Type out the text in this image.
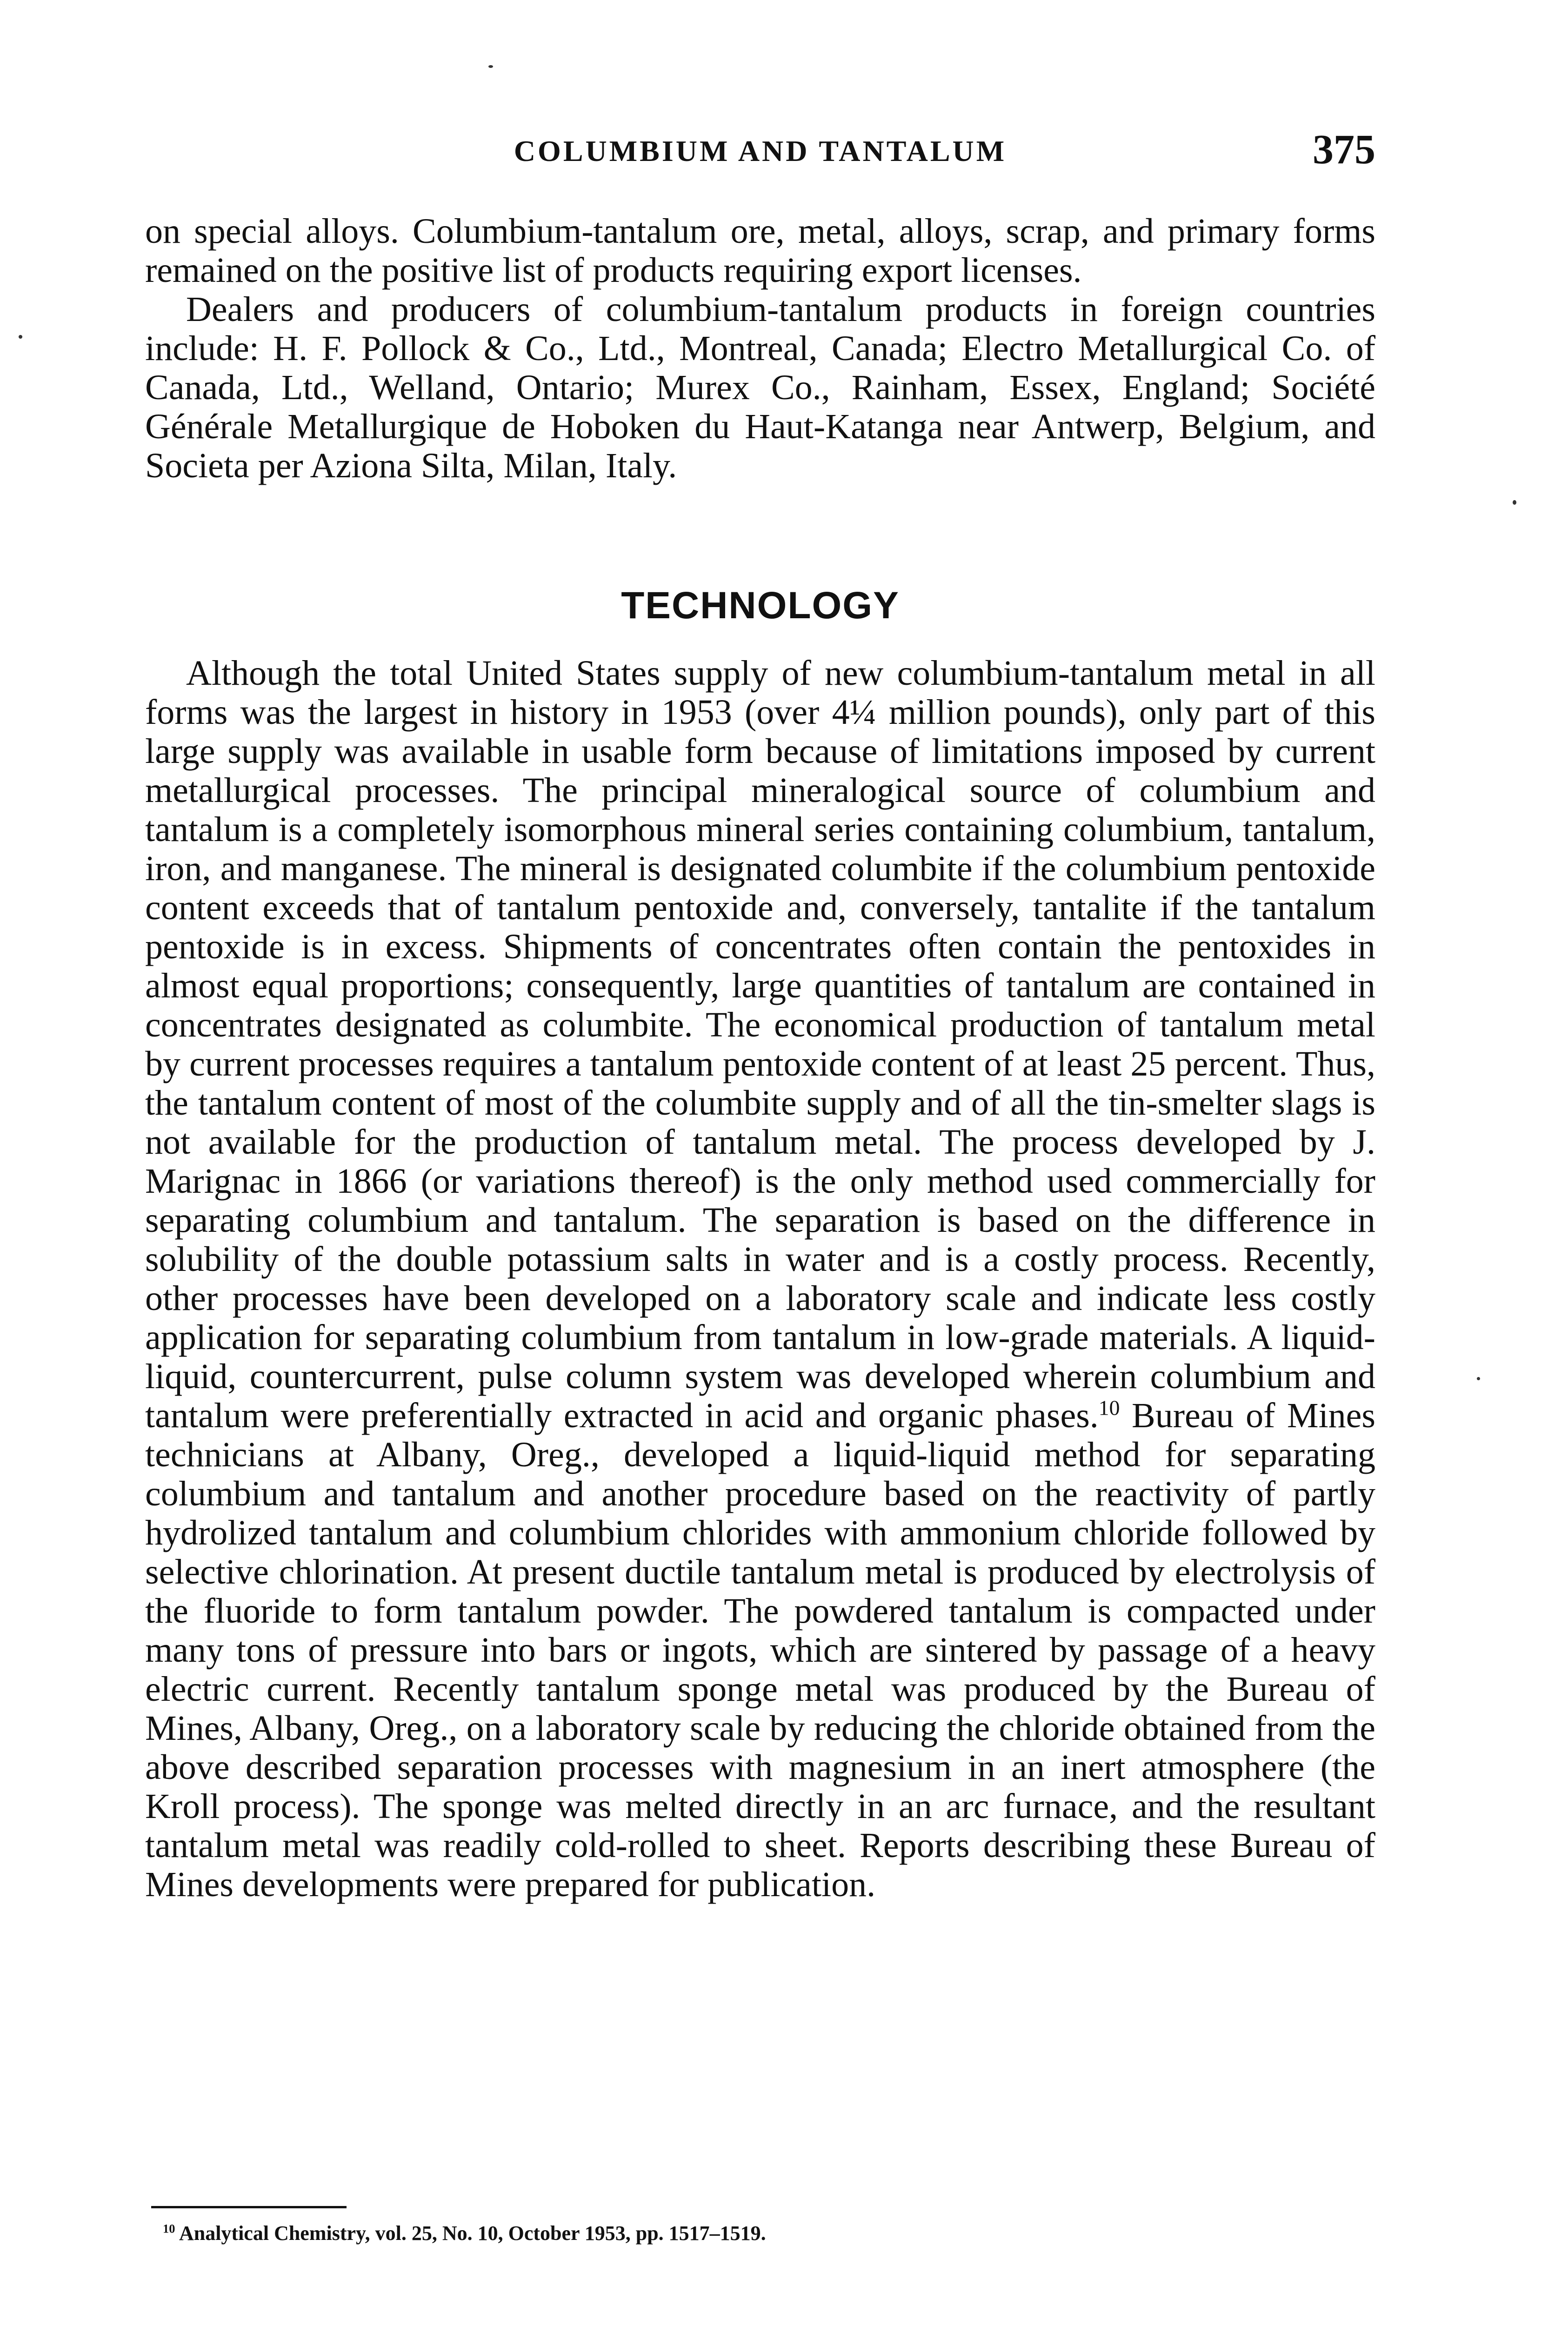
COLUMBIUM AND TANTALUM	375

on special alloys. Columbium-tantalum ore, metal, alloys, scrap, and primary forms remained on the positive list of products requiring export licenses.

Dealers and producers of columbium-tantalum products in foreign countries include: H. F. Pollock & Co., Ltd., Montreal, Canada; Electro Metallurgical Co. of Canada, Ltd., Welland, Ontario; Murex Co., Rainham, Essex, England; Société Générale Metallurgique de Hoboken du Haut-Katanga near Antwerp, Belgium, and Societa per Aziona Silta, Milan, Italy.

TECHNOLOGY

Although the total United States supply of new columbium-tantalum metal in all forms was the largest in history in 1953 (over 4¼ million pounds), only part of this large supply was available in usable form because of limitations imposed by current metallurgical processes. The principal mineralogical source of columbium and tantalum is a completely isomorphous mineral series containing columbium, tantalum, iron, and manganese. The mineral is designated columbite if the columbium pentoxide content exceeds that of tantalum pentoxide and, conversely, tantalite if the tantalum pentoxide is in excess. Shipments of concentrates often contain the pentoxides in almost equal proportions; consequently, large quantities of tantalum are contained in concentrates designated as columbite. The economical production of tantalum metal by current processes requires a tantalum pentoxide content of at least 25 percent. Thus, the tantalum content of most of the columbite supply and of all the tin-smelter slags is not available for the production of tantalum metal. The process developed by J. Marignac in 1866 (or variations thereof) is the only method used commercially for separating columbium and tantalum. The separation is based on the difference in solubility of the double potassium salts in water and is a costly process. Recently, other processes have been developed on a laboratory scale and indicate less costly application for separating columbium from tantalum in low-grade materials. A liquid-liquid, countercurrent, pulse column system was developed wherein columbium and tantalum were preferentially extracted in acid and organic phases.$^{10}$ Bureau of Mines technicians at Albany, Oreg., developed a liquid-liquid method for separating columbium and tantalum and another procedure based on the reactivity of partly hydrolized tantalum and columbium chlorides with ammonium chloride followed by selective chlorination. At present ductile tantalum metal is produced by electrolysis of the fluoride to form tantalum powder. The powdered tantalum is compacted under many tons of pressure into bars or ingots, which are sintered by passage of a heavy electric current. Recently tantalum sponge metal was produced by the Bureau of Mines, Albany, Oreg., on a laboratory scale by reducing the chloride obtained from the above described separation processes with magnesium in an inert atmosphere (the Kroll process). The sponge was melted directly in an arc furnace, and the resultant tantalum metal was readily cold-rolled to sheet. Reports describing these Bureau of Mines developments were prepared for publication.

$^{10}$ Analytical Chemistry, vol. 25, No. 10, October 1953, pp. 1517–1519.
